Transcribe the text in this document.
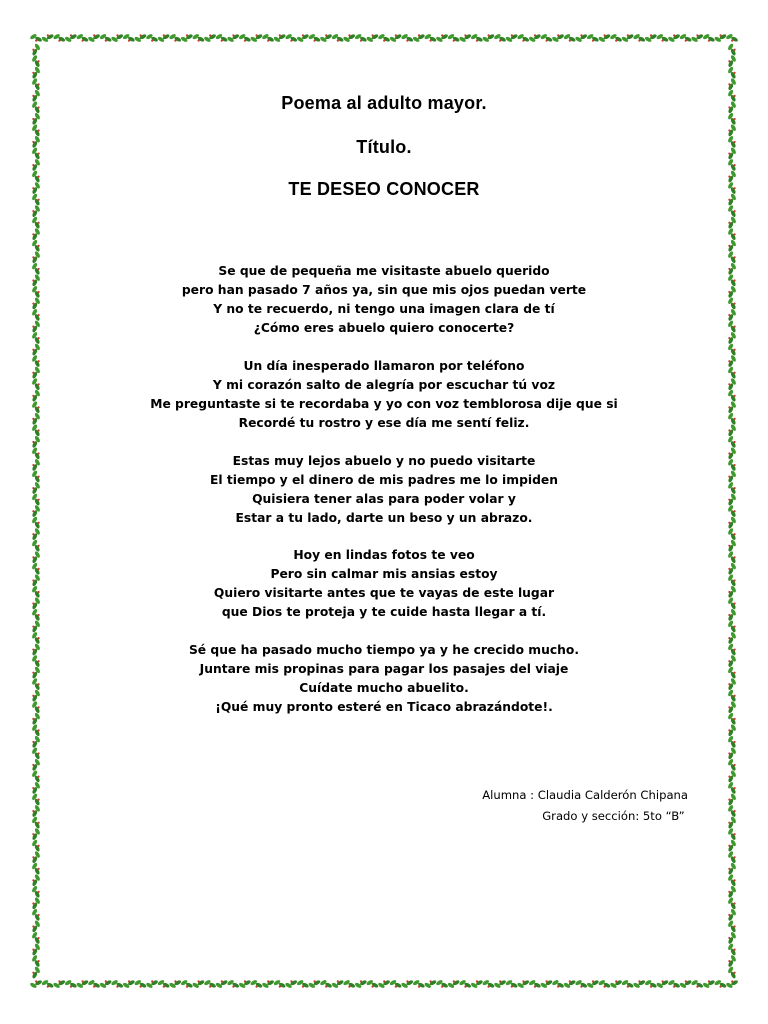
Poema al adulto mayor.
Título.
TE DESEO CONOCER
Se que de pequeña me visitaste abuelo querido
pero han pasado 7 años ya, sin que mis ojos puedan verte
Y no te recuerdo, ni tengo una imagen clara de tí
¿Cómo eres abuelo quiero conocerte?
Un día inesperado llamaron por teléfono
Y mi corazón salto de alegría por escuchar tú voz
Me preguntaste si te recordaba y yo con voz temblorosa dije que si
Recordé tu rostro y ese día me sentí feliz.
Estas muy lejos abuelo y no puedo visitarte
El tiempo y el dinero de mis padres me lo impiden
Quisiera tener alas para poder volar y
Estar a tu lado, darte un beso y un abrazo.
Hoy en lindas fotos te veo
Pero sin calmar mis ansias estoy
Quiero visitarte antes que te vayas de este lugar
que Dios te proteja y te cuide hasta llegar a tí.
Sé que ha pasado mucho tiempo ya y he crecido mucho.
Juntare mis propinas para pagar los pasajes del viaje
Cuídate mucho abuelito.
¡Qué muy pronto esteré en Ticaco abrazándote!.
Alumna : Claudia Calderón Chipana
Grado y sección: 5to “B”
